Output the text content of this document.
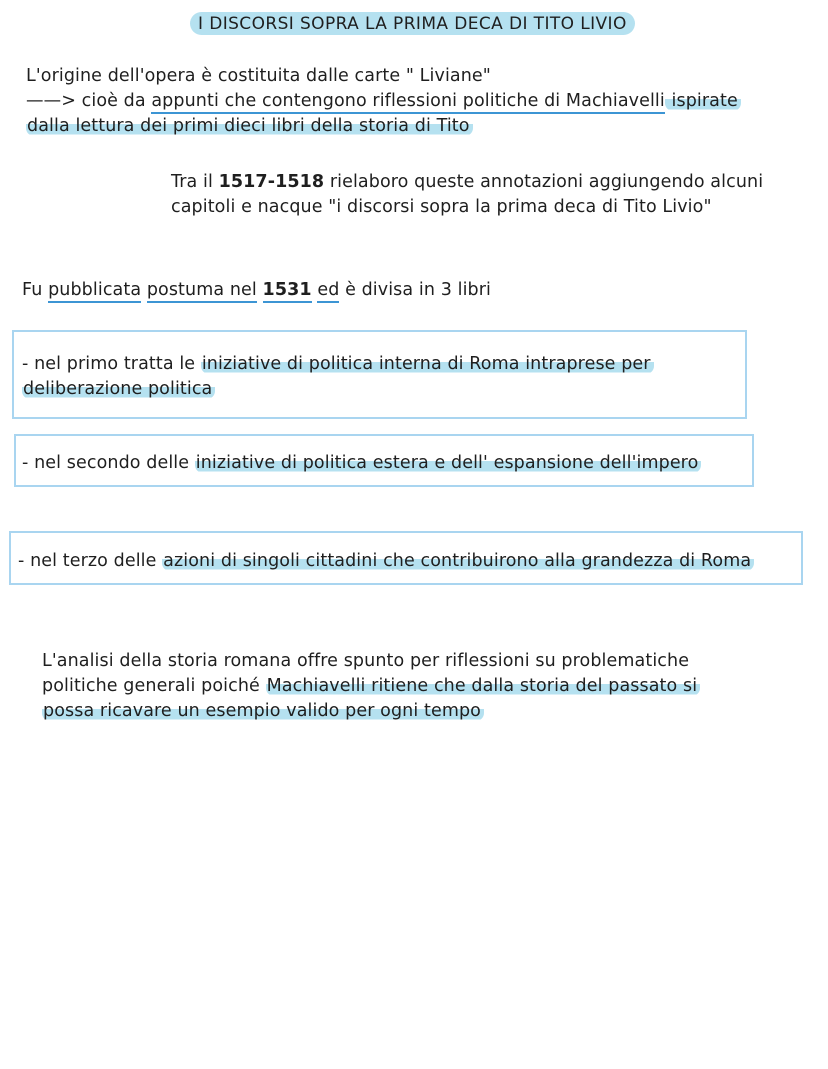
I DISCORSI SOPRA LA PRIMA DECA DI TITO LIVIO
L'origine dell'opera è costituita dalle carte " Liviane"
——> cioè da appunti che contengono riflessioni politiche di Machiavelli ispirate
dalla lettura dei primi dieci libri della storia di Tito
Tra il 1517-1518 rielaboro queste annotazioni aggiungendo alcuni
capitoli e nacque "i discorsi sopra la prima deca di Tito Livio"
Fu pubblicata postuma nel 1531 ed è divisa in 3 libri
- nel primo tratta le iniziative di politica interna di Roma intraprese per
deliberazione politica
- nel secondo delle iniziative di politica estera e dell' espansione dell'impero
- nel terzo delle azioni di singoli cittadini che contribuirono alla grandezza di Roma
L'analisi della storia romana offre spunto per riflessioni su problematiche
politiche generali poiché Machiavelli ritiene che dalla storia del passato si
possa ricavare un esempio valido per ogni tempo
